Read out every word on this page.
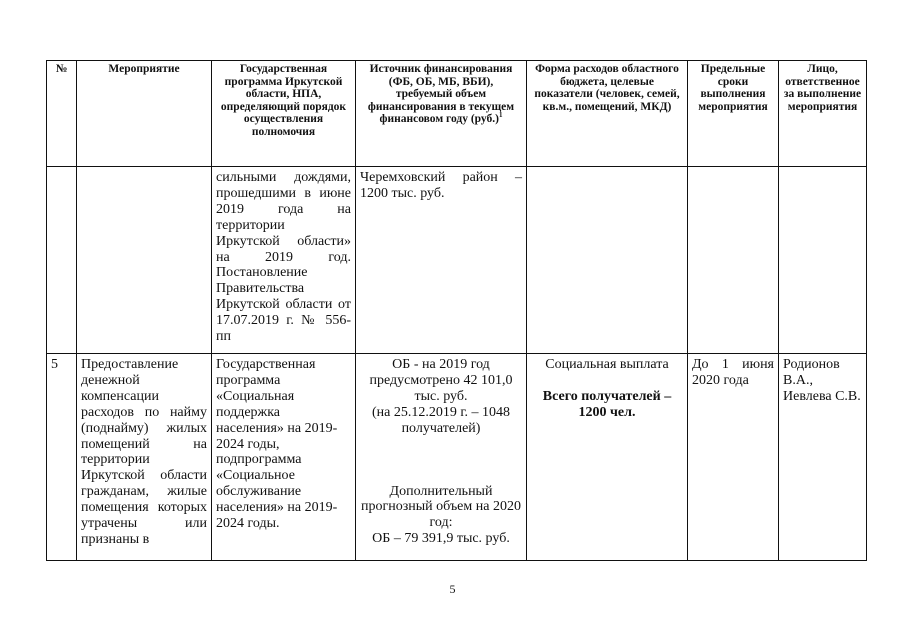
№	Мероприятие	Государственная программа Иркутской области, НПА, определяющий порядок осуществления полномочия	Источник финансирования (ФБ, ОБ, МБ, ВБИ), требуемый объем финансирования в текущем финансовом году (руб.)$^1$	Форма расходов областного бюджета, целевые показатели (человек, семей, кв.м., помещений, МКД)	Предельные сроки выполнения мероприятия	Лицо, ответственное за выполнение мероприятия
		сильными дождями, прошедшими в июне 2019 года на территории Иркутской области» на 2019 год. Постановление Правительства Иркутской области от 17.07.2019 г. № 556-пп	Черемховский район – 1200 тыс. руб.			
5	Предоставление денежной компенсации расходов по найму (поднайму) жилых помещений на территории Иркутской области гражданам, жилые помещения которых утрачены или признаны в	Государственная программа «Социальная поддержка населения» на 2019-2024 годы, подпрограмма «Социальное обслуживание населения» на 2019-2024 годы.	ОБ - на 2019 год предусмотрено 42 101,0 тыс. руб.
(на 25.12.2019 г. – 1048 получателей)
Дополнительный прогнозный объем на 2020 год:
ОБ – 79 391,9 тыс. руб.	Социальная выплата
Всего получателей – 1200 чел.	До 1 июня 2020 года	Родионов В.А., Иевлева С.В.
5
